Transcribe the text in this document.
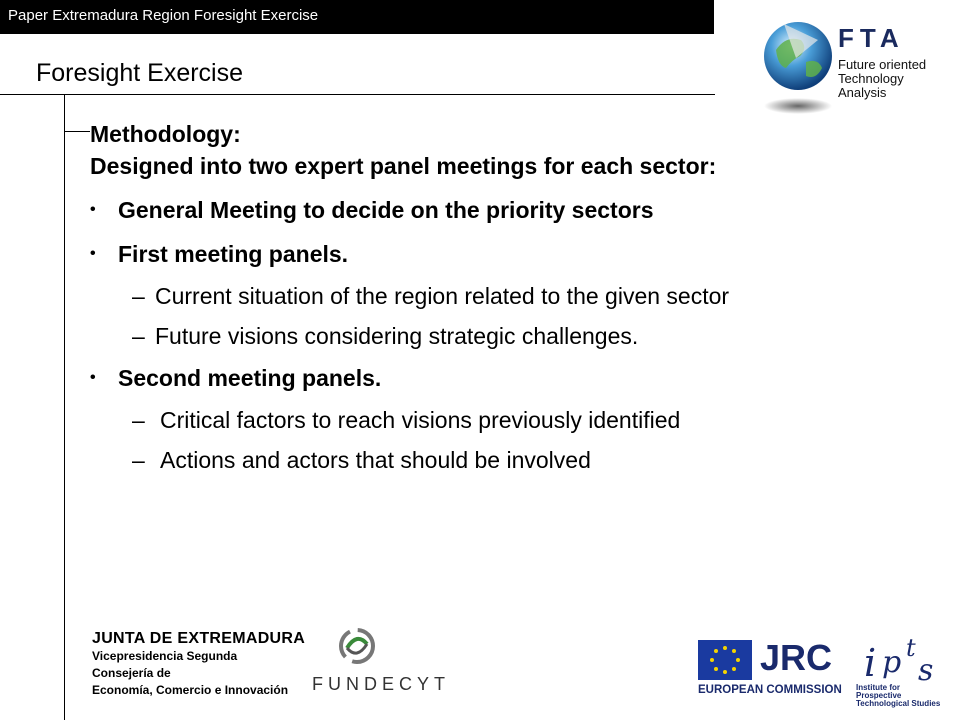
Paper Extremadura Region Foresight Exercise
Foresight Exercise
FTA
Future oriented
Technology
Analysis
Methodology:
Designed into two expert panel meetings for each sector:
• General Meeting to decide on the priority sectors
• First meeting panels.
– Current situation of the region related to the given sector
– Future visions considering strategic challenges.
• Second meeting panels.
– Critical factors to reach visions previously identified
– Actions and actors that should be involved
JUNTA DE EXTREMADURA
Vicepresidencia Segunda
Consejería de
Economía, Comercio e Innovación	FUNDECYT
JRC
EUROPEAN COMMISSION
i p t
s
Institute for
Prospective
Technological Studies
